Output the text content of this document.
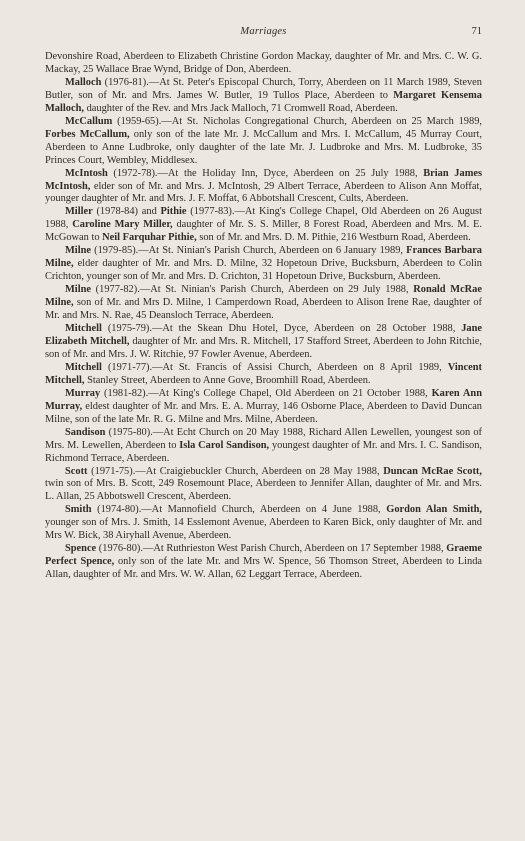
Marriages	71

Devonshire Road, Aberdeen to Elizabeth Christine Gordon Mackay, daughter of Mr. and Mrs. C. W. G. Mackay, 25 Wallace Brae Wynd, Bridge of Don, Aberdeen.

Malloch (1976-81).—At St. Peter's Episcopal Church, Torry, Aberdeen on 11 March 1989, Steven Butler, son of Mr. and Mrs. James W. Butler, 19 Tullos Place, Aberdeen to Margaret Kensema Malloch, daughter of the Rev. and Mrs Jack Malloch, 71 Cromwell Road, Aberdeen.

McCallum (1959-65).—At St. Nicholas Congregational Church, Aberdeen on 25 March 1989, Forbes McCallum, only son of the late Mr. J. McCallum and Mrs. I. McCallum, 45 Murray Court, Aberdeen to Anne Ludbroke, only daughter of the late Mr. J. Ludbroke and Mrs. M. Ludbroke, 35 Princes Court, Wembley, Middlesex.

McIntosh (1972-78).—At the Holiday Inn, Dyce, Aberdeen on 25 July 1988, Brian James McIntosh, elder son of Mr. and Mrs. J. McIntosh, 29 Albert Terrace, Aberdeen to Alison Ann Moffat, younger daughter of Mr. and Mrs. J. F. Moffat, 6 Abbotshall Crescent, Cults, Aberdeen.

Miller (1978-84) and Pithie (1977-83).—At King's College Chapel, Old Aberdeen on 26 August 1988, Caroline Mary Miller, daughter of Mr. S. S. Miller, 8 Forest Road, Aberdeen and Mrs. M. E. McGowan to Neil Farquhar Pithie, son of Mr. and Mrs. D. M. Pithie, 216 Westburn Road, Aberdeen.

Milne (1979-85).—At St. Ninian's Parish Church, Aberdeen on 6 January 1989, Frances Barbara Milne, elder daughter of Mr. and Mrs. D. Milne, 32 Hopetoun Drive, Bucksburn, Aberdeen to Colin Crichton, younger son of Mr. and Mrs. D. Crichton, 31 Hopetoun Drive, Bucksburn, Aberdeen.

Milne (1977-82).—At St. Ninian's Parish Church, Aberdeen on 29 July 1988, Ronald McRae Milne, son of Mr. and Mrs D. Milne, 1 Camperdown Road, Aberdeen to Alison Irene Rae, daughter of Mr. and Mrs. N. Rae, 45 Deansloch Terrace, Aberdeen.

Mitchell (1975-79).—At the Skean Dhu Hotel, Dyce, Aberdeen on 28 October 1988, Jane Elizabeth Mitchell, daughter of Mr. and Mrs. R. Mitchell, 17 Stafford Street, Aberdeen to John Ritchie, son of Mr. and Mrs. J. W. Ritchie, 97 Fowler Avenue, Aberdeen.

Mitchell (1971-77).—At St. Francis of Assisi Church, Aberdeen on 8 April 1989, Vincent Mitchell, Stanley Street, Aberdeen to Anne Gove, Broomhill Road, Aberdeen.

Murray (1981-82).—At King's College Chapel, Old Aberdeen on 21 October 1988, Karen Ann Murray, eldest daughter of Mr. and Mrs. E. A. Murray, 146 Osborne Place, Aberdeen to David Duncan Milne, son of the late Mr. R. G. Milne and Mrs. Milne, Aberdeen.

Sandison (1975-80).—At Echt Church on 20 May 1988, Richard Allen Lewellen, youngest son of Mrs. M. Lewellen, Aberdeen to Isla Carol Sandison, youngest daughter of Mr. and Mrs. I. C. Sandison, Richmond Terrace, Aberdeen.

Scott (1971-75).—At Craigiebuckler Church, Aberdeen on 28 May 1988, Duncan McRae Scott, twin son of Mrs. B. Scott, 249 Rosemount Place, Aberdeen to Jennifer Allan, daughter of Mr. and Mrs. L. Allan, 25 Abbotswell Crescent, Aberdeen.

Smith (1974-80).—At Mannofield Church, Aberdeen on 4 June 1988, Gordon Alan Smith, younger son of Mrs. J. Smith, 14 Esslemont Avenue, Aberdeen to Karen Bick, only daughter of Mr. and Mrs W. Bick, 38 Airyhall Avenue, Aberdeen.

Spence (1976-80).—At Ruthrieston West Parish Church, Aberdeen on 17 September 1988, Graeme Perfect Spence, only son of the late Mr. and Mrs W. Spence, 56 Thomson Street, Aberdeen to Linda Allan, daughter of Mr. and Mrs. W. W. Allan, 62 Leggart Terrace, Aberdeen.
